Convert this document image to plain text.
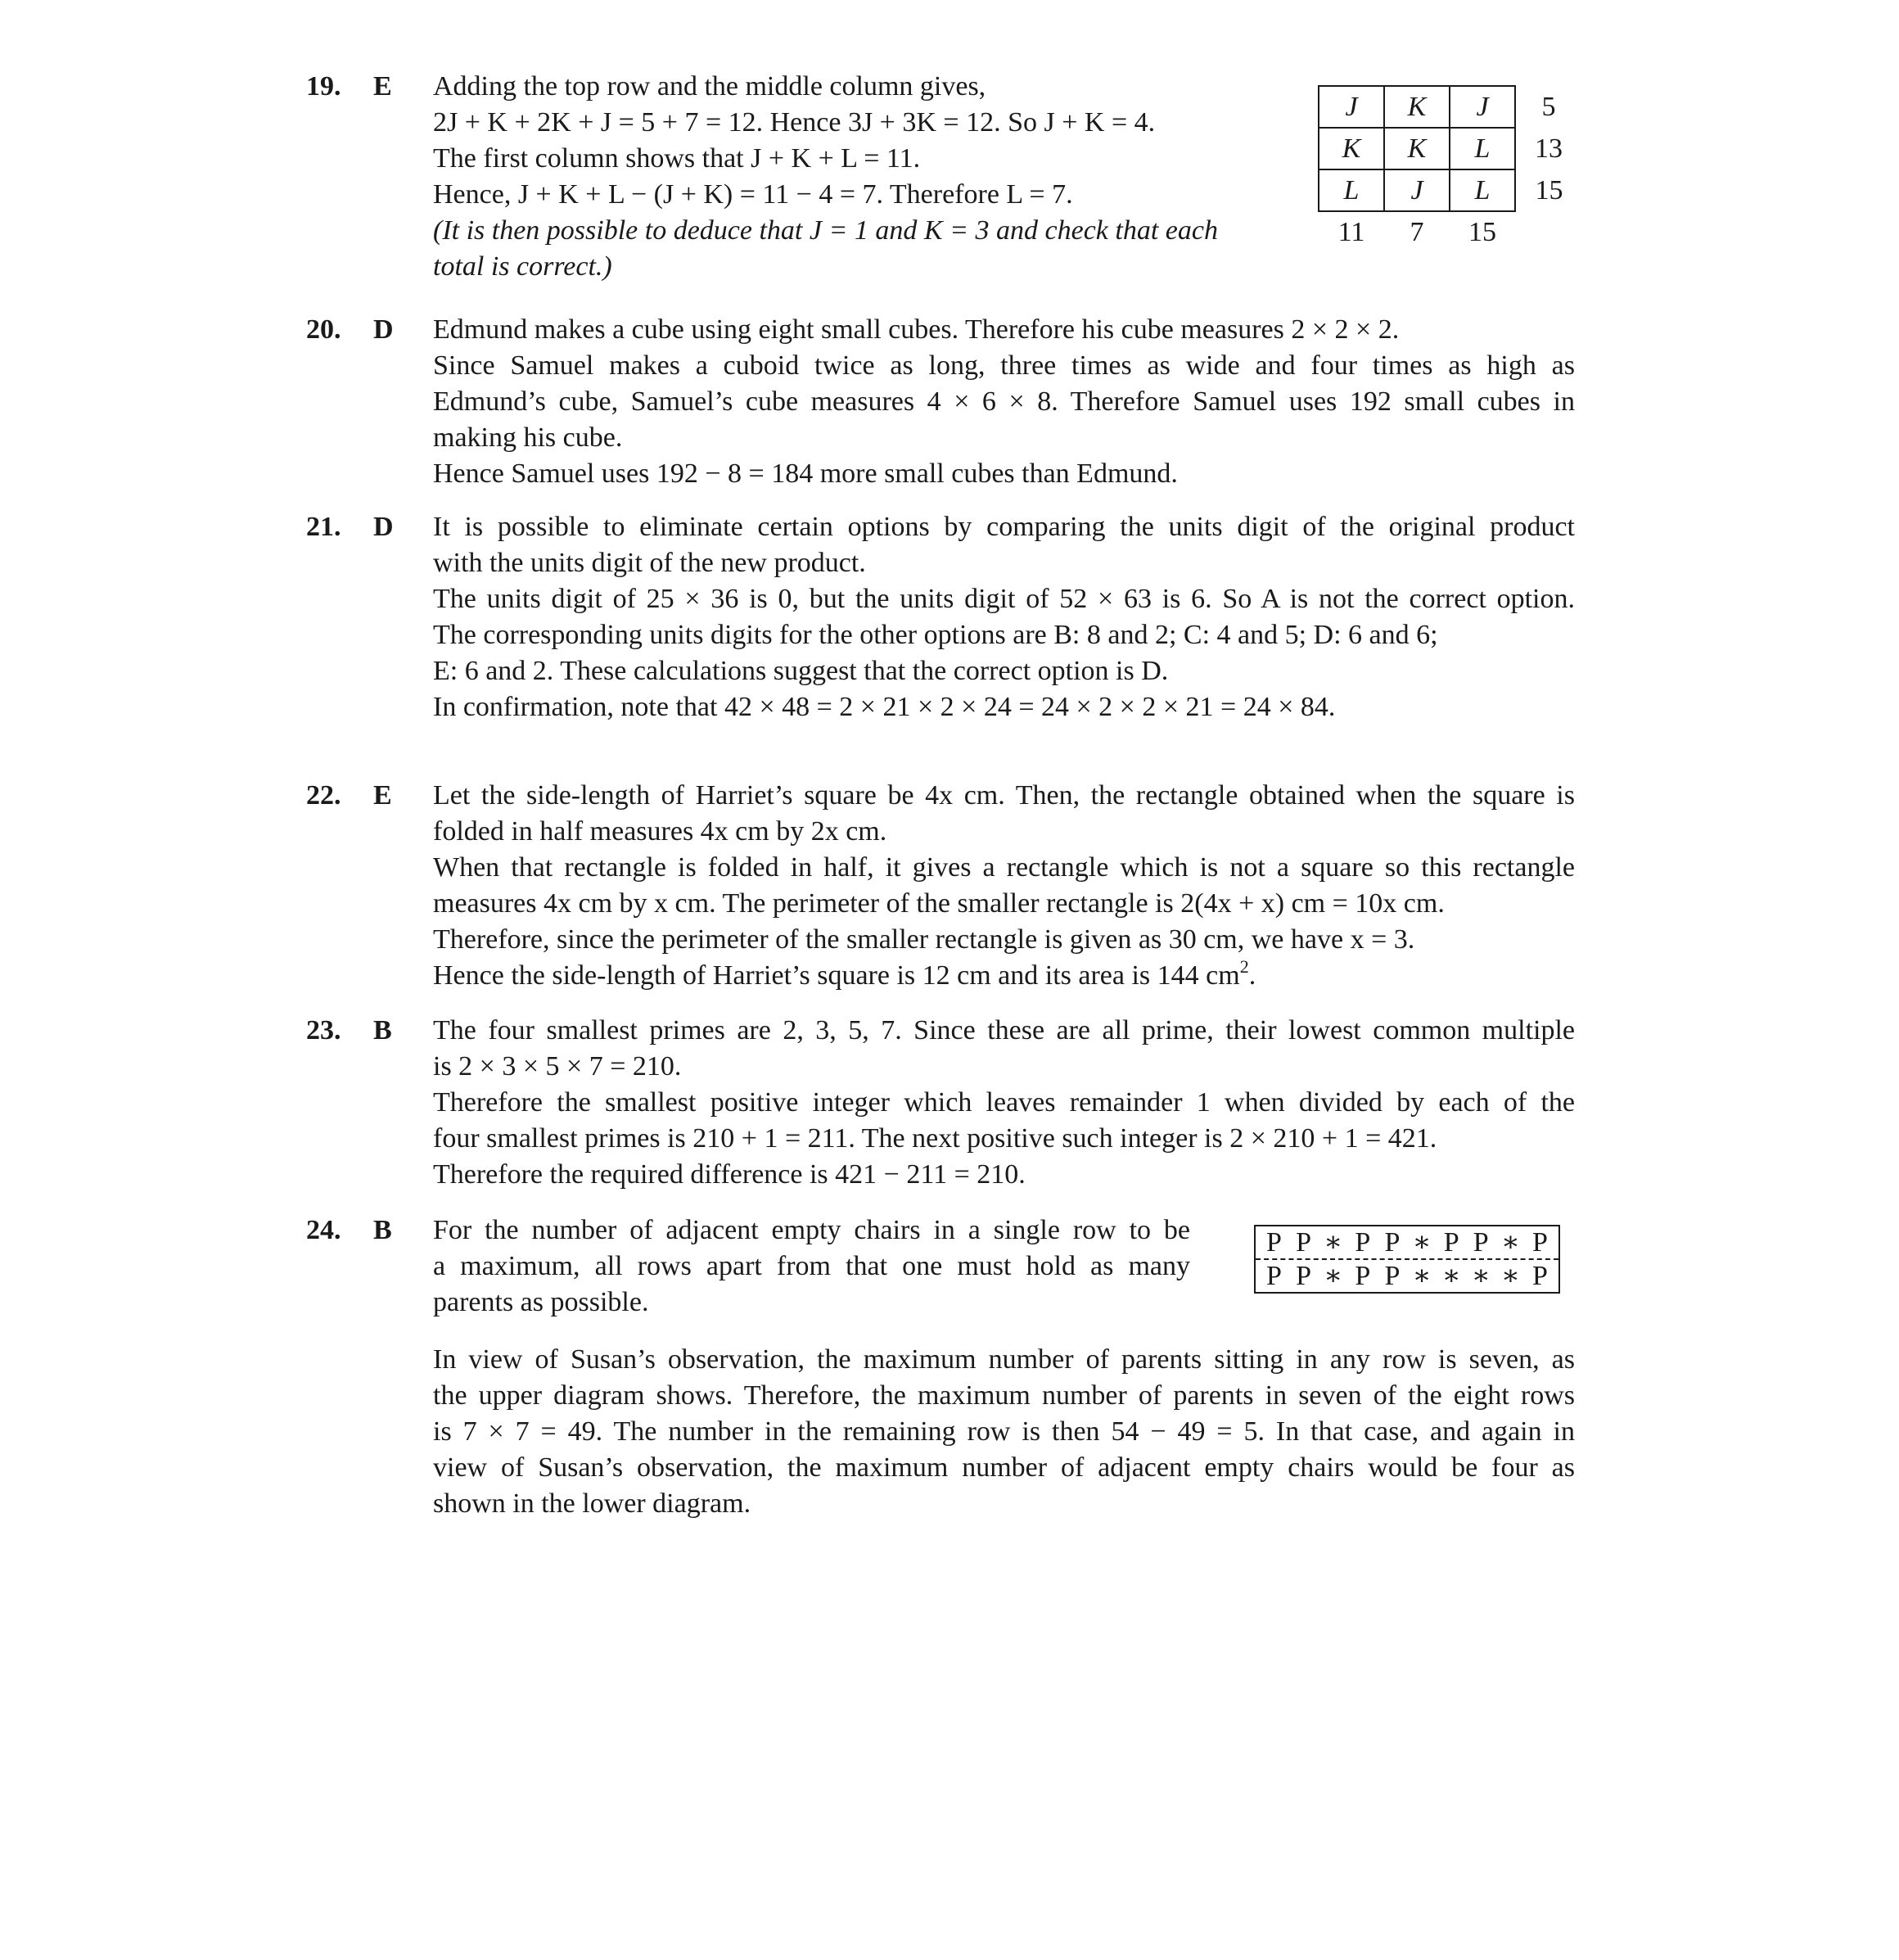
19. E Adding the top row and the middle column gives,
2J + K + 2K + J = 5 + 7 = 12. Hence 3J + 3K = 12. So J + K = 4.
The first column shows that J + K + L = 11.
Hence, J + K + L − (J + K) = 11 − 4 = 7. Therefore L = 7.
(It is then possible to deduce that J = 1 and K = 3 and check that each
total is correct.)
J	K	J	5
K	K	L	13
L	J	L	15
11	7	15	
20. D Edmund makes a cube using eight small cubes. Therefore his cube measures 2 × 2 × 2.
Since Samuel makes a cuboid twice as long, three times as wide and four times as high as
Edmund’s cube, Samuel’s cube measures 4 × 6 × 8. Therefore Samuel uses 192 small cubes in
making his cube.
Hence Samuel uses 192 − 8 = 184 more small cubes than Edmund.
21. D It is possible to eliminate certain options by comparing the units digit of the original product
with the units digit of the new product.
The units digit of 25 × 36 is 0, but the units digit of 52 × 63 is 6. So A is not the correct option.
The corresponding units digits for the other options are B: 8 and 2; C: 4 and 5; D: 6 and 6;
E: 6 and 2. These calculations suggest that the correct option is D.
In confirmation, note that 42 × 48 = 2 × 21 × 2 × 24 = 24 × 2 × 2 × 21 = 24 × 84.
22. E Let the side-length of Harriet’s square be 4x cm. Then, the rectangle obtained when the square is
folded in half measures 4x cm by 2x cm.
When that rectangle is folded in half, it gives a rectangle which is not a square so this rectangle
measures 4x cm by x cm. The perimeter of the smaller rectangle is 2(4x + x) cm = 10x cm.
Therefore, since the perimeter of the smaller rectangle is given as 30 cm, we have x = 3.
Hence the side-length of Harriet’s square is 12 cm and its area is 144 $cm^2$.
23. B The four smallest primes are 2, 3, 5, 7. Since these are all prime, their lowest common multiple
is 2 × 3 × 5 × 7 = 210.
Therefore the smallest positive integer which leaves remainder 1 when divided by each of the
four smallest primes is 210 + 1 = 211. The next positive such integer is 2 × 210 + 1 = 421.
Therefore the required difference is 421 − 211 = 210.
24. B For the number of adjacent empty chairs in a single row to be
a maximum, all rows apart from that one must hold as many
parents as possible.
In view of Susan’s observation, the maximum number of parents sitting in any row is seven, as
the upper diagram shows. Therefore, the maximum number of parents in seven of the eight rows
is 7 × 7 = 49. The number in the remaining row is then 54 − 49 = 5. In that case, and again in
view of Susan’s observation, the maximum number of adjacent empty chairs would be four as
shown in the lower diagram.
P P ∗ P P ∗ P P ∗ P
P P ∗ P P ∗ ∗ ∗ ∗ P
